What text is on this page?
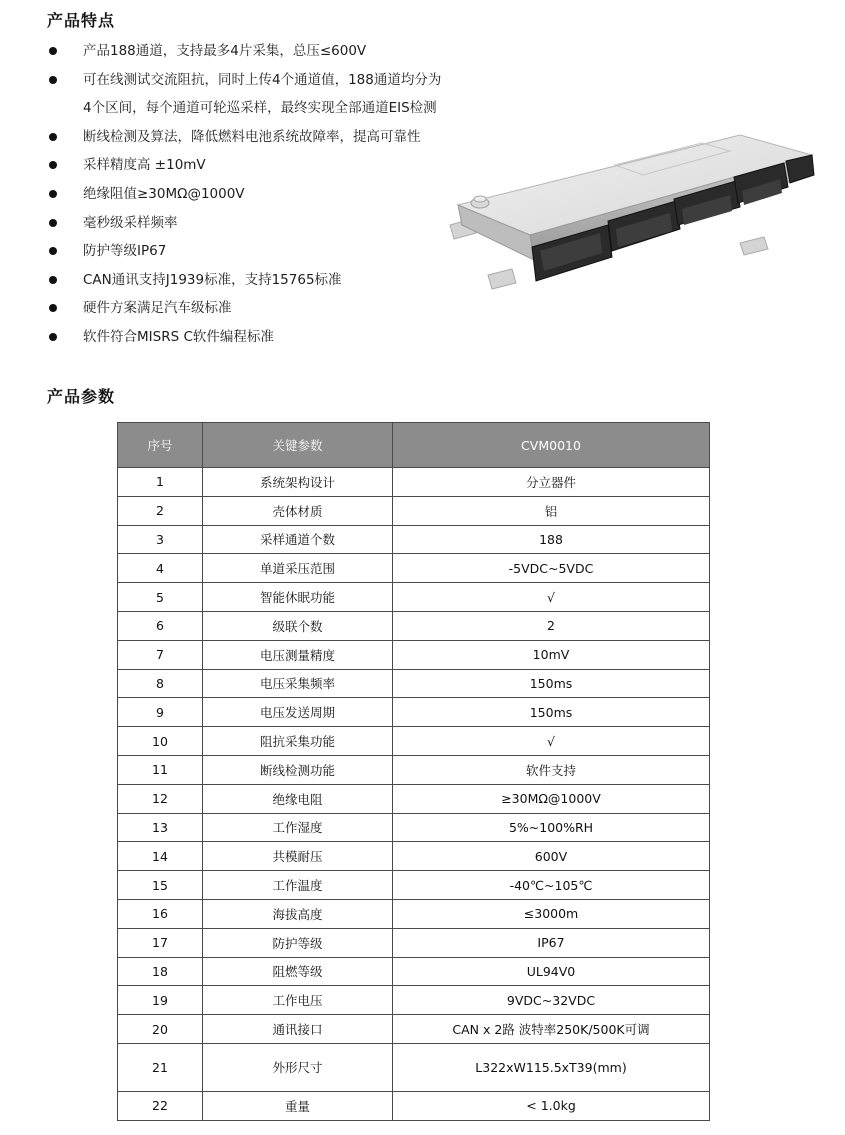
产品特点
产品188通道，支持最多4片采集，总压≤600V
可在线测试交流阻抗，同时上传4个通道值，188通道均分为
4个区间，每个通道可轮巡采样，最终实现全部通道EIS检测
断线检测及算法，降低燃料电池系统故障率，提高可靠性
采样精度高 ±10mV
绝缘阻值≥30MΩ@1000V
毫秒级采样频率
防护等级IP67
CAN通讯支持J1939标准，支持15765标准
硬件方案满足汽车级标准
软件符合MISRS C软件编程标准
产品参数
序号	关键参数	CVM0010
1	系统架构设计	分立器件
2	壳体材质	铝
3	采样通道个数	188
4	单道采压范围	-5VDC~5VDC
5	智能休眠功能	√
6	级联个数	2
7	电压测量精度	10mV
8	电压采集频率	150ms
9	电压发送周期	150ms
10	阻抗采集功能	√
11	断线检测功能	软件支持
12	绝缘电阻	≥30MΩ@1000V
13	工作湿度	5%~100%RH
14	共模耐压	600V
15	工作温度	-40℃~105℃
16	海拔高度	≤3000m
17	防护等级	IP67
18	阻燃等级	UL94V0
19	工作电压	9VDC~32VDC
20	通讯接口	CAN x 2路 波特率250K/500K可调
21	外形尺寸	L322xW115.5xT39(mm)
22	重量	< 1.0kg
